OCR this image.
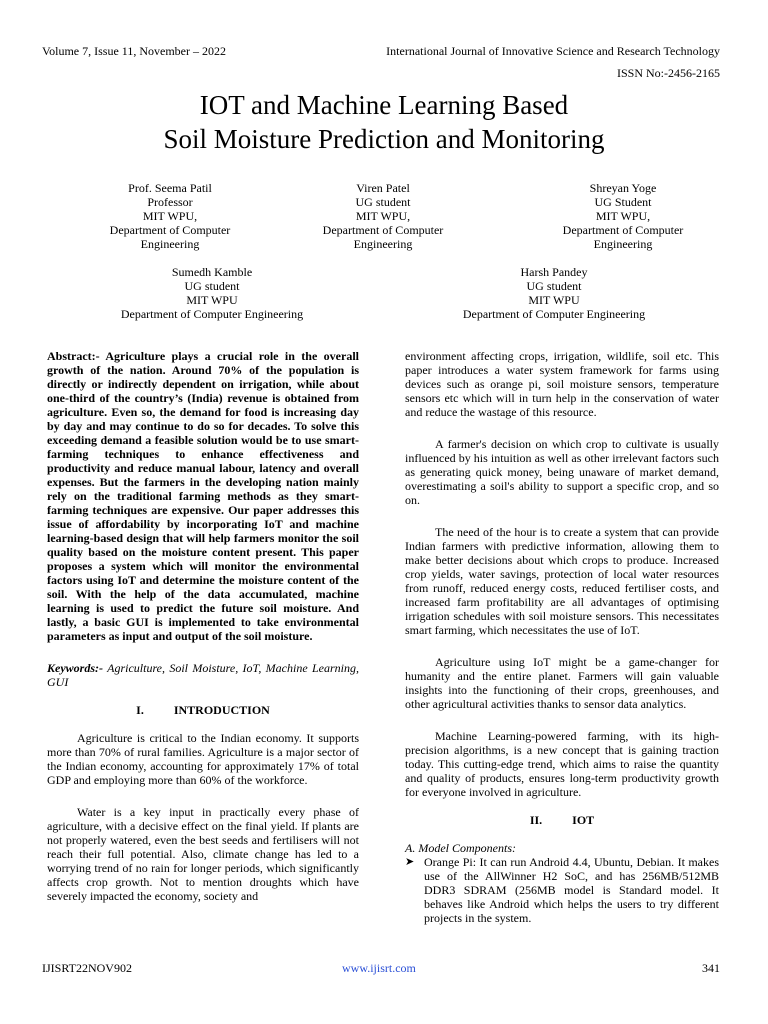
Volume 7, Issue 11, November – 2022	International Journal of Innovative Science and Research Technology
ISSN No:-2456-2165
IOT and Machine Learning Based
Soil Moisture Prediction and Monitoring
Prof. Seema Patil
Professor
MIT WPU,
Department of Computer
Engineering
Viren Patel
UG student
MIT WPU,
Department of Computer
Engineering
Shreyan Yoge
UG Student
MIT WPU,
Department of Computer
Engineering
Sumedh Kamble
UG student
MIT WPU
Department of Computer Engineering
Harsh Pandey
UG student
MIT WPU
Department of Computer Engineering

Abstract:- Agriculture plays a crucial role in the overall growth of the nation. Around 70% of the population is directly or indirectly dependent on irrigation, while about one-third of the country’s (India) revenue is obtained from agriculture. Even so, the demand for food is increasing day by day and may continue to do so for decades. To solve this exceeding demand a feasible solution would be to use smart-farming techniques to enhance effectiveness and productivity and reduce manual labour, latency and overall expenses. But the farmers in the developing nation mainly rely on the traditional farming methods as they smart-farming techniques are expensive. Our paper addresses this issue of affordability by incorporating IoT and machine learning-based design that will help farmers monitor the soil quality based on the moisture content present. This paper proposes a system which will monitor the environmental factors using IoT and determine the moisture content of the soil. With the help of the data accumulated, machine learning is used to predict the future soil moisture. And lastly, a basic GUI is implemented to take environmental parameters as input and output of the soil moisture.

Keywords:- Agriculture, Soil Moisture, IoT, Machine Learning, GUI

I.	INTRODUCTION

Agriculture is critical to the Indian economy. It supports more than 70% of rural families. Agriculture is a major sector of the Indian economy, accounting for approximately 17% of total GDP and employing more than 60% of the workforce.

Water is a key input in practically every phase of agriculture, with a decisive effect on the final yield. If plants are not properly watered, even the best seeds and fertilisers will not reach their full potential. Also, climate change has led to a worrying trend of no rain for longer periods, which significantly affects crop growth. Not to mention droughts which have severely impacted the economy, society and

environment affecting crops, irrigation, wildlife, soil etc. This paper introduces a water system framework for farms using devices such as orange pi, soil moisture sensors, temperature sensors etc which will in turn help in the conservation of water and reduce the wastage of this resource.

A farmer's decision on which crop to cultivate is usually influenced by his intuition as well as other irrelevant factors such as generating quick money, being unaware of market demand, overestimating a soil's ability to support a specific crop, and so on.

The need of the hour is to create a system that can provide Indian farmers with predictive information, allowing them to make better decisions about which crops to produce. Increased crop yields, water savings, protection of local water resources from runoff, reduced energy costs, reduced fertiliser costs, and increased farm profitability are all advantages of optimising irrigation schedules with soil moisture sensors. This necessitates smart farming, which necessitates the use of IoT.

Agriculture using IoT might be a game-changer for humanity and the entire planet. Farmers will gain valuable insights into the functioning of their crops, greenhouses, and other agricultural activities thanks to sensor data analytics.

Machine Learning-powered farming, with its high-precision algorithms, is a new concept that is gaining traction today. This cutting-edge trend, which aims to raise the quantity and quality of products, ensures long-term productivity growth for everyone involved in agriculture.

II.	IOT

A. Model Components:

➤ Orange Pi: It can run Android 4.4, Ubuntu, Debian. It makes use of the AllWinner H2 SoC, and has 256MB/512MB DDR3 SDRAM (256MB model is Standard model. It behaves like Android which helps the users to try different projects in the system.
IJISRT22NOV902	www.ijisrt.com	341
